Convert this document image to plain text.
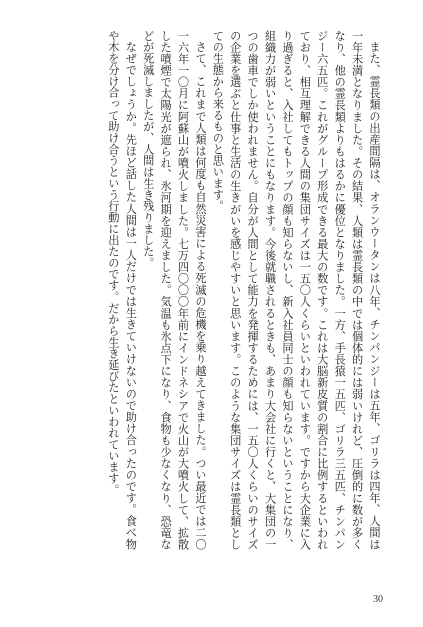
また、霊長類の出産間隔は、オランウータンは八年、チンパンジーは五年、ゴリラは四年、人間は一年未満となりました。その結果、人類は霊長類の中では個体的には弱いけれど、圧倒的に数が多くなり、他の霊長類よりもはるかに優位となりました。一方、手長猿一五匹、ゴリラ三五匹、チンパンジー六五匹。これがグループ形成できる最大の数です。これは大脳新皮質の割合に比例するといわれており、相互理解できる人間の集団サイズは一五〇人くらいといわれています。ですから大企業に入り過ぎると、入社してもトップの顔も知らないし、新入社員同士の顔も知らないということになり、組織力が弱いということにもなります。今後就職されるときも、あまり大会社に行くと、大集団の一つの歯車でしか使われません。自分が人間として能力を発揮するためには、一五〇人くらいのサイズの企業を選ぶと仕事と生活の生きがいを感じやすいと思います。このような集団サイズは霊長類としての生態から来るものと思います。

さて、これまで人類は何度も自然災害による死滅の危機を乗り越えてきました。つい最近では二〇一六年一〇月に阿蘇山が噴火しました。七万四〇〇〇年前にインドネシアで火山が大噴火して、拡散した噴煙で太陽光が遮られ、氷河期を迎えました。気温も氷点下になり、食物も少なくなり、恐竜などが死滅しましたが、人間は生き残りました。

なぜでしょうか。先ほど話した人間は一人だけでは生きていけないので助け合ったのです。食べ物や木を分け合って助け合うという行動に出たのです。だから生き延びたといわれています。

30
